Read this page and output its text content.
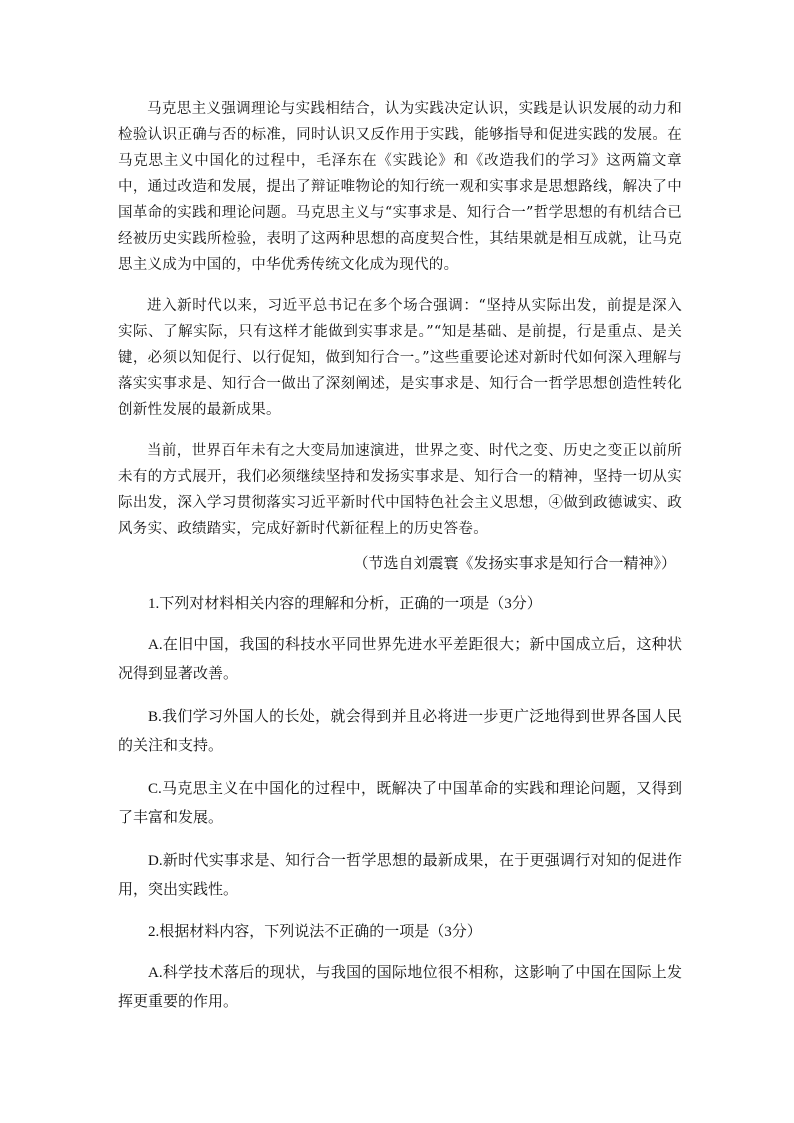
马克思主义强调理论与实践相结合，认为实践决定认识，实践是认识发展的动力和检验认识正确与否的标准，同时认识又反作用于实践，能够指导和促进实践的发展。在马克思主义中国化的过程中，毛泽东在《实践论》和《改造我们的学习》这两篇文章中，通过改造和发展，提出了辩证唯物论的知行统一观和实事求是思想路线，解决了中国革命的实践和理论问题。马克思主义与“实事求是、知行合一”哲学思想的有机结合已经被历史实践所检验，表明了这两种思想的高度契合性，其结果就是相互成就，让马克思主义成为中国的，中华优秀传统文化成为现代的。

进入新时代以来，习近平总书记在多个场合强调：“坚持从实际出发，前提是深入实际、了解实际，只有这样才能做到实事求是。”“知是基础、是前提，行是重点、是关键，必须以知促行、以行促知，做到知行合一。”这些重要论述对新时代如何深入理解与落实实事求是、知行合一做出了深刻阐述，是实事求是、知行合一哲学思想创造性转化创新性发展的最新成果。

当前，世界百年未有之大变局加速演进，世界之变、时代之变、历史之变正以前所未有的方式展开，我们必须继续坚持和发扬实事求是、知行合一的精神，坚持一切从实际出发，深入学习贯彻落实习近平新时代中国特色社会主义思想，④做到政德诚实、政风务实、政绩踏实，完成好新时代新征程上的历史答卷。

（节选自刘震寰《发扬实事求是知行合一精神》）

1.下列对材料相关内容的理解和分析，正确的一项是（3分）

A.在旧中国，我国的科技水平同世界先进水平差距很大；新中国成立后，这种状况得到显著改善。

B.我们学习外国人的长处，就会得到并且必将进一步更广泛地得到世界各国人民的关注和支持。

C.马克思主义在中国化的过程中，既解决了中国革命的实践和理论问题，又得到了丰富和发展。

D.新时代实事求是、知行合一哲学思想的最新成果，在于更强调行对知的促进作用，突出实践性。

2.根据材料内容，下列说法不正确的一项是（3分）

A.科学技术落后的现状，与我国的国际地位很不相称，这影响了中国在国际上发挥更重要的作用。
